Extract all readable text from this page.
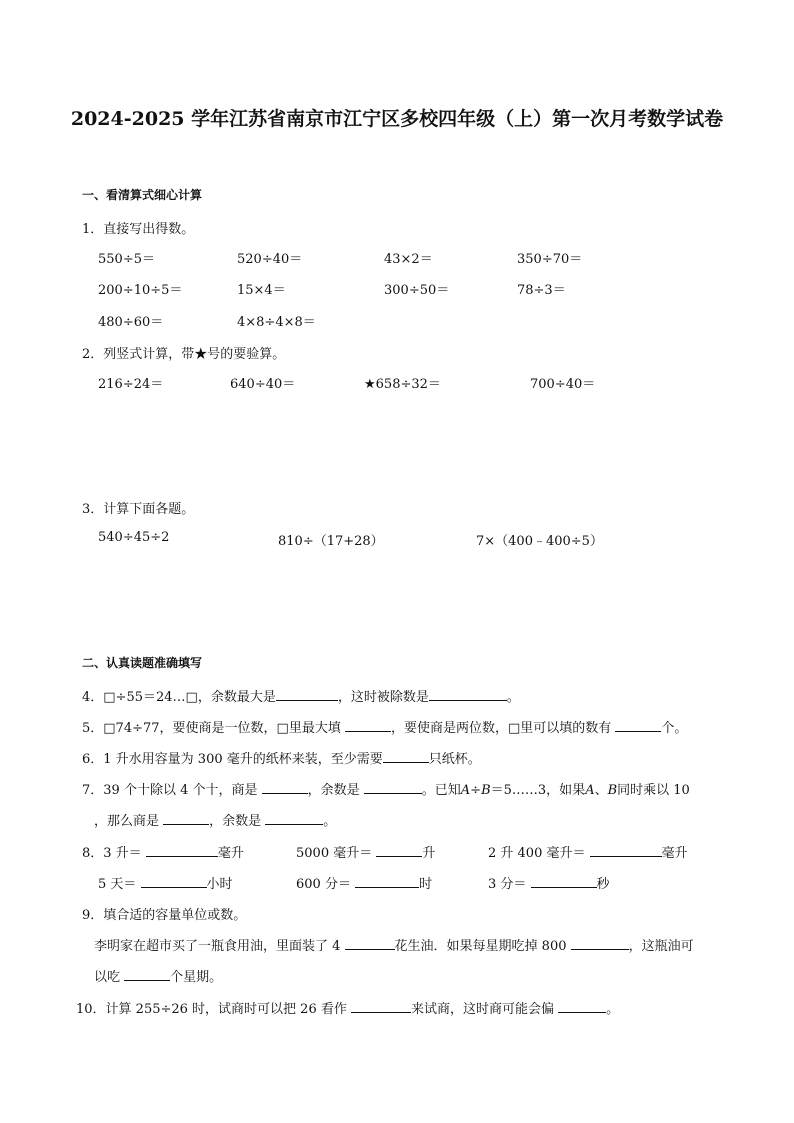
2024-2025 学年江苏省南京市江宁区多校四年级（上）第一次月考数学试卷
一、看清算式细心计算
1．直接写出得数。
550÷5＝	520÷40＝	43×2＝	350÷70＝
200÷10÷5＝	15×4＝	300÷50＝	78÷3＝
480÷60＝	4×8÷4×8＝
2．列竖式计算，带★号的要验算。
216÷24＝	640÷40＝	★658÷32＝	700÷40＝
3．计算下面各题。
540÷45÷2	810÷（17+28）	7×（400﹣400÷5）
二、认真读题准确填写
4．□÷55＝24…□，余数最大是	，这时被除数是	。
5．□74÷77，要使商是一位数，□里最大填	，要使商是两位数，□里可以填的数有	个。
6．1 升水用容量为 300 毫升的纸杯来装，至少需要	只纸杯。
7．39 个十除以 4 个十，商是	，余数是	。已知A÷B＝5……3，如果A、B同时乘以 10
，那么商是	，余数是	。
8．3 升＝	毫升	5000 毫升＝	升	2 升 400 毫升＝	毫升
5 天＝	小时	600 分＝	时	3 分＝	秒
9．填合适的容量单位或数。
李明家在超市买了一瓶食用油，里面装了 4	花生油．如果每星期吃掉 800	，这瓶油可
以吃	个星期。
10．计算 255÷26 时，试商时可以把 26 看作	来试商，这时商可能会偏	。
